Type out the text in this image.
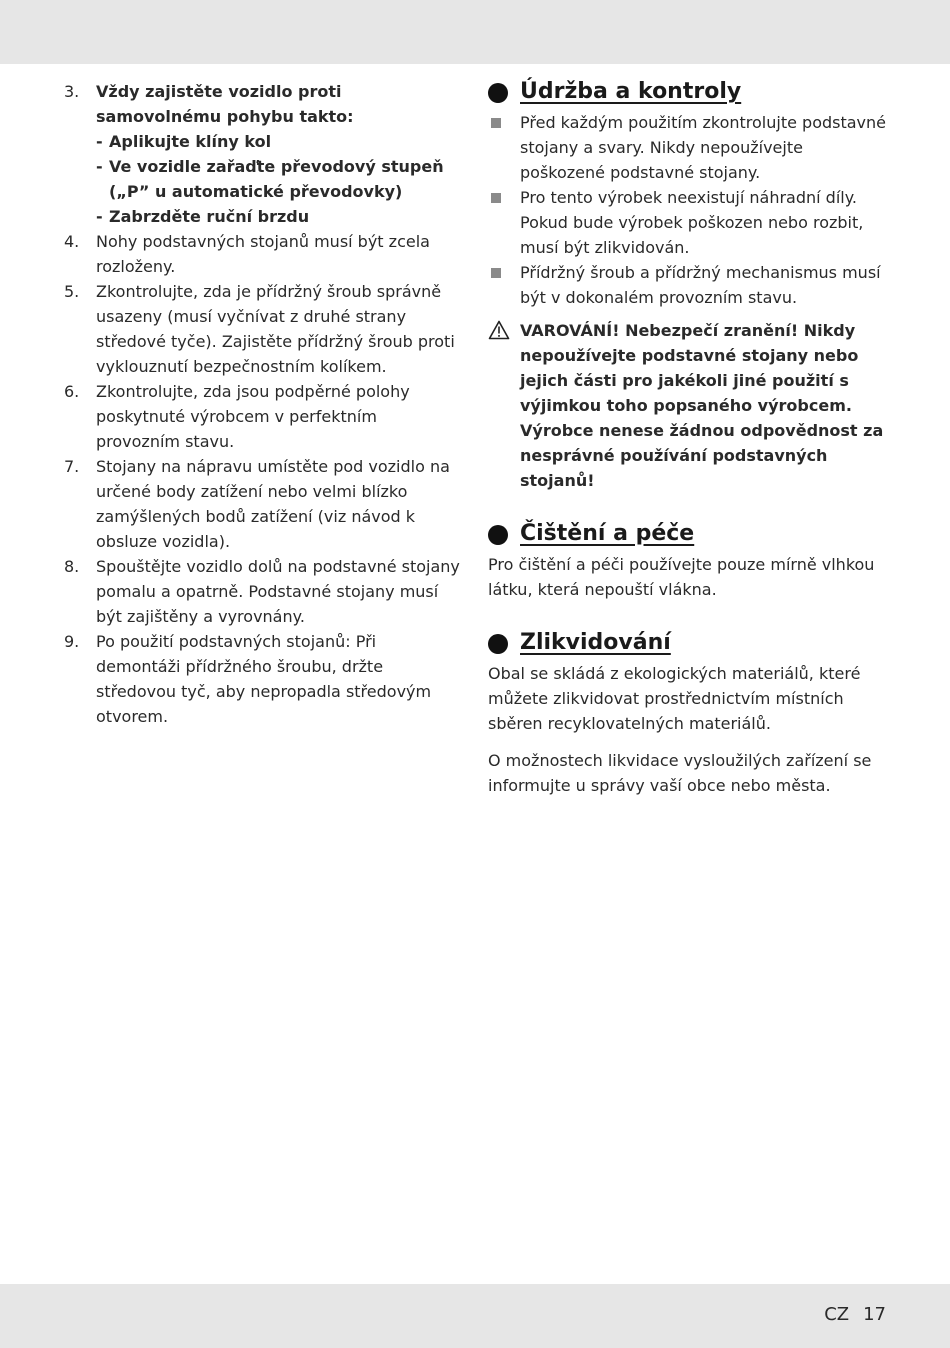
3.	Vždy zajistěte vozidlo proti samovolnému pohybu takto:
- Aplikujte klíny kol
- Ve vozidle zařaďte převodový stupeň („P” u automatické převodovky)
- Zabrzděte ruční brzdu
4.	Nohy podstavných stojanů musí být zcela rozloženy.
5.	Zkontrolujte, zda je přídržný šroub správně usazeny (musí vyčnívat z druhé strany středové tyče). Zajistěte přídržný šroub proti vyklouznutí bezpečnostním kolíkem.
6.	Zkontrolujte, zda jsou podpěrné polohy poskytnuté výrobcem v perfektním provozním stavu.
7.	Stojany na nápravu umístěte pod vozidlo na určené body zatížení nebo velmi blízko zamýšlených bodů zatížení (viz návod k obsluze vozidla).
8.	Spouštějte vozidlo dolů na podstavné stojany pomalu a opatrně. Podstavné stojany musí být zajištěny a vyrovnány.
9.	Po použití podstavných stojanů: Při demontáži přídržného šroubu, držte středovou tyč, aby nepropadla středovým otvorem.
Údržba a kontroly
Před každým použitím zkontrolujte podstavné stojany a svary. Nikdy nepoužívejte poškozené podstavné stojany.
Pro tento výrobek neexistují náhradní díly. Pokud bude výrobek poškozen nebo rozbit, musí být zlikvidován.
Přídržný šroub a přídržný mechanismus musí být v dokonalém provozním stavu.
VAROVÁNÍ! Nebezpečí zranění! Nikdy nepoužívejte podstavné stojany nebo jejich části pro jakékoli jiné použití s výjimkou toho popsaného výrobcem. Výrobce nenese žádnou odpovědnost za nesprávné používání podstavných stojanů!
Čištění a péče

Pro čištění a péči používejte pouze mírně vlhkou látku, která nepouští vlákna.

Zlikvidování

Obal se skládá z ekologických materiálů, které můžete zlikvidovat prostřednictvím místních sběren recyklovatelných materiálů.

O možnostech likvidace vysloužilých zařízení se informujte u správy vaší obce nebo města.

CZ 17
